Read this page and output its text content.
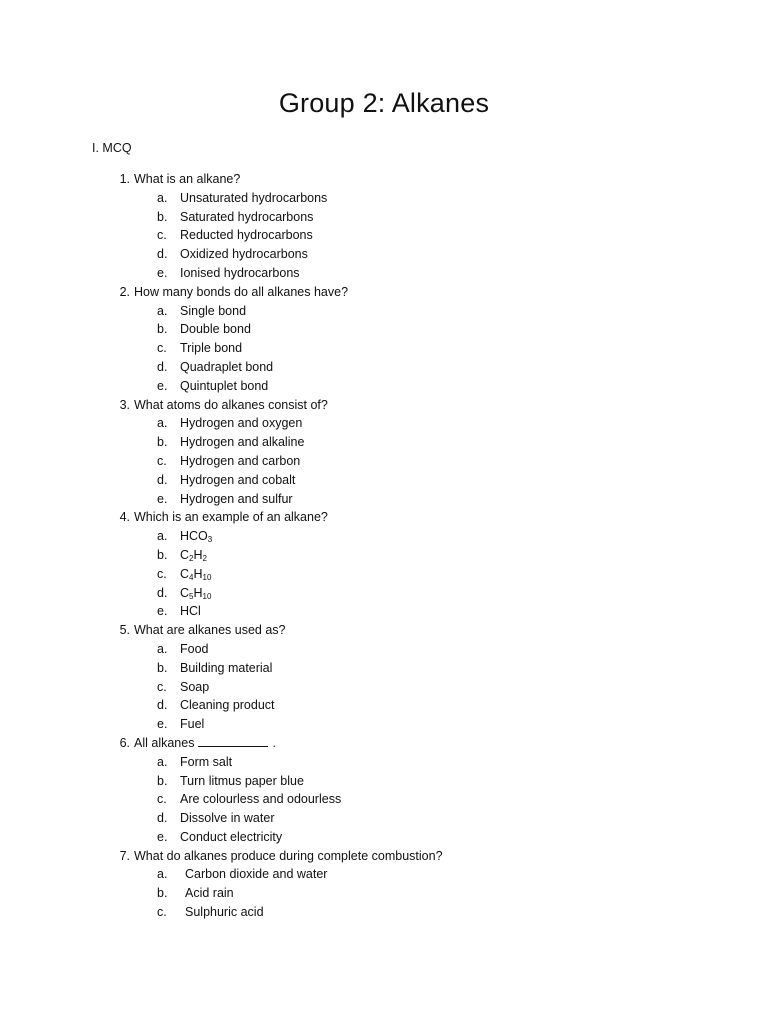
Group 2: Alkanes
I. MCQ
1. What is an alkane?
a. Unsaturated hydrocarbons
b. Saturated hydrocarbons
c. Reducted hydrocarbons
d. Oxidized hydrocarbons
e. Ionised hydrocarbons
2. How many bonds do all alkanes have?
a. Single bond
b. Double bond
c. Triple bond
d. Quadraplet bond
e. Quintuplet bond
3. What atoms do alkanes consist of?
a. Hydrogen and oxygen
b. Hydrogen and alkaline
c. Hydrogen and carbon
d. Hydrogen and cobalt
e. Hydrogen and sulfur
4. Which is an example of an alkane?
a. $HCO_3$
b. $C_2H_2$
c. $C_4H_{10}$
d. $C_5H_{10}$
e. HCl
5. What are alkanes used as?
a. Food
b. Building material
c. Soap
d. Cleaning product
e. Fuel
6. All alkanes	.
a. Form salt
b. Turn litmus paper blue
c. Are colourless and odourless
d. Dissolve in water
e. Conduct electricity
7. What do alkanes produce during complete combustion?
a. Carbon dioxide and water
b. Acid rain
c. Sulphuric acid
